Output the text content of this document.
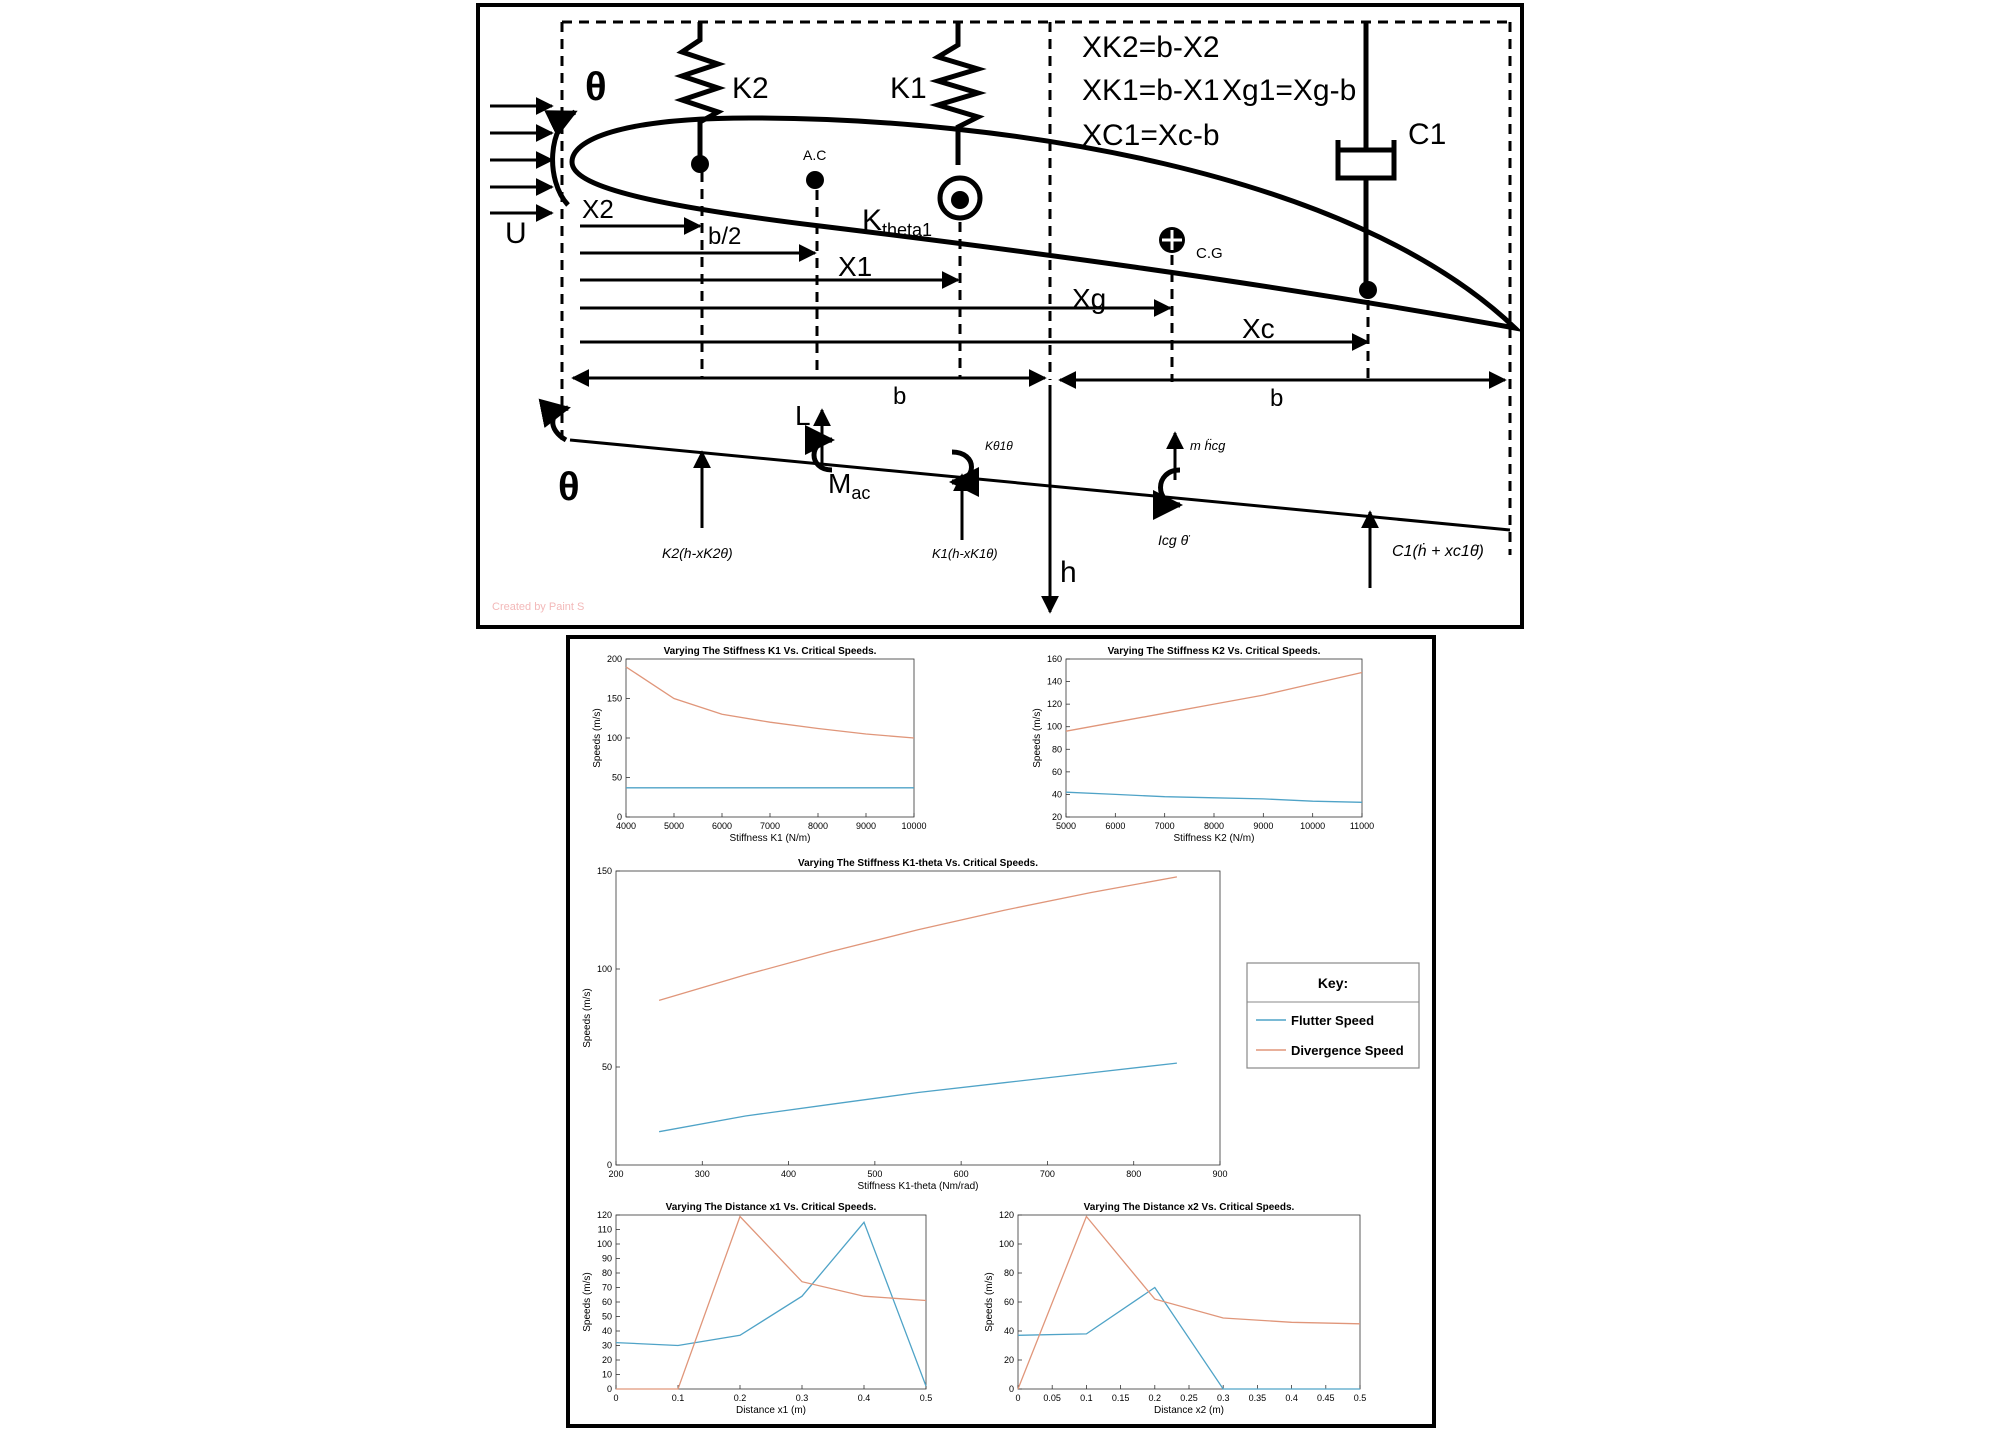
U
θ	K2	K1
$K_{theta1}$
A.C
C.G
C1
XK2=b-X2
XK1=b-X1 Xg1=Xg-b
XC1=Xc-b
X2
b/2
X1
Xg
Xc
b	b
θ
K2(h-xK2θ)
L
$M_{ac}$
K1(h-xK1θ)
Kθ1θ
h
m ḧcg
Icg θ̈
C1(ḣ + xc1θ̇)
Created by Paint S
Varying The Stiffness K1 Vs. Critical Speeds.
4000	5000	6000	7000	8000	9000	10000
0
50
100
150
200
Stiffness K1 (N/m)
Speeds (m/s)
Varying The Stiffness K2 Vs. Critical Speeds.
5000	6000	7000	8000	9000	10000	11000
20
40
60
80
100
120
140
160
Stiffness K2 (N/m)
Speeds (m/s)
Varying The Stiffness K1-theta Vs. Critical Speeds.
200	300	400	500	600	700	800	900
0
50
100
150
Stiffness K1-theta (Nm/rad)
Speeds (m/s)
Varying The Distance x1 Vs. Critical Speeds.
0	0.1	0.2	0.3	0.4	0.5
0
10
20
30
40
50
60
70
80
90
100
110
120
Distance x1 (m)
Speeds (m/s)
Varying The Distance x2 Vs. Critical Speeds.
0	0.05 0.1 0.15 0.2 0.25 0.3 0.35 0.4 0.45 0.5
0
20
40
60
80
100
120
Distance x2 (m)
Speeds (m/s)
Key:
Flutter Speed
Divergence Speed
